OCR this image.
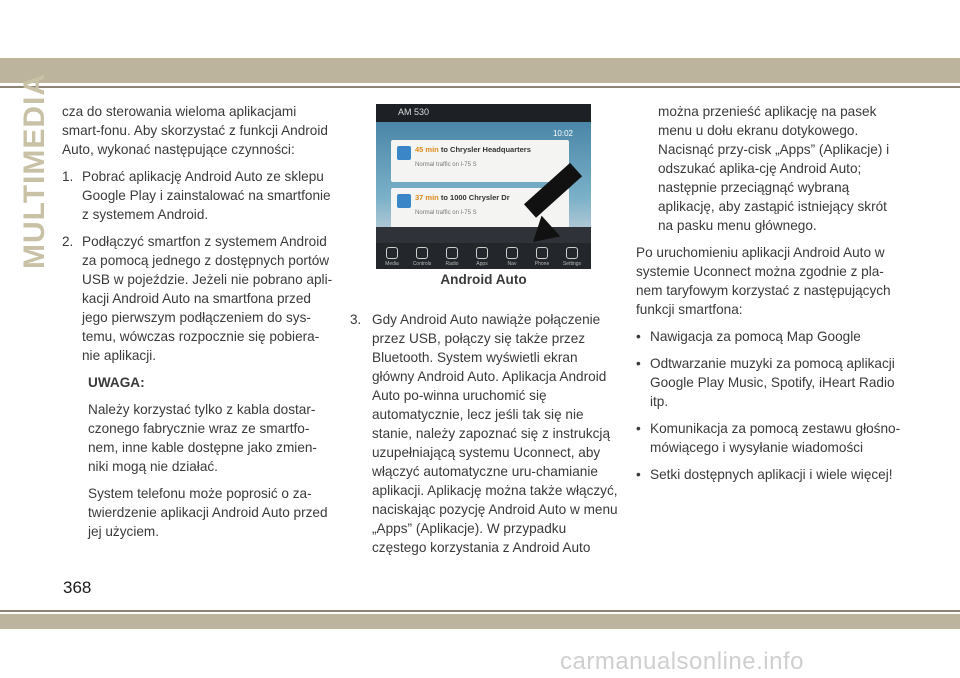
MULTIMEDIA cza do sterowania wieloma aplikacjami smart-fonu. Aby skorzystać z funkcji Android Auto, wykonać następujące czynności:

1. Pobrać aplikację Android Auto ze sklepu Google Play i zainstalować na smartfonie z systemem Android.
2. Podłączyć smartfon z systemem Android za pomocą jednego z dostępnych portów USB w pojeździe. Jeżeli nie pobrano apli-kacji Android Auto na smartfona przed jego pierwszym podłączeniem do sys-temu, wówczas rozpocznie się pobiera-nie aplikacji.

UWAGA:

Należy korzystać tylko z kabla dostar-czonego fabrycznie wraz ze smartfo-nem, inne kable dostępne jako zmien-niki mogą nie działać.

System telefonu może poprosić o za-twierdzenie aplikacji Android Auto przed jej użyciem.

AM 530
10:02
45 min to Chrysler Headquarters
Normal traffic on I-75 S
37 min to 1000 Chrysler Dr
Normal traffic on I-75 S
Media	Controls	Radio	Apps	Nav	Phone	Settings
Android Auto
3. Gdy Android Auto nawiąże połączenie przez USB, połączy się także przez Bluetooth. System wyświetli ekran główny Android Auto. Aplikacja Android Auto po-winna uruchomić się automatycznie, lecz jeśli tak się nie stanie, należy zapoznać się z instrukcją uzupełniającą systemu Uconnect, aby włączyć automatyczne uru-chamianie aplikacji. Aplikację można także włączyć, naciskając pozycję Android Auto w menu „Apps” (Aplikacje). W przypadku częstego korzystania z Android Auto

można przenieść aplikację na pasek menu u dołu ekranu dotykowego. Nacisnąć przy-cisk „Apps” (Aplikacje) i odszukać aplika-cję Android Auto; następnie przeciągnąć wybraną aplikację, aby zastąpić istniejący skrót na pasku menu głównego.

Po uruchomieniu aplikacji Android Auto w systemie Uconnect można zgodnie z pla-nem taryfowym korzystać z następujących funkcji smartfona:

• Nawigacja za pomocą Map Google
• Odtwarzanie muzyki za pomocą aplikacji Google Play Music, Spotify, iHeart Radio itp.
• Komunikacja za pomocą zestawu głośno-mówiącego i wysyłanie wiadomości
• Setki dostępnych aplikacji i wiele więcej!
368
carmanualsonline.info
